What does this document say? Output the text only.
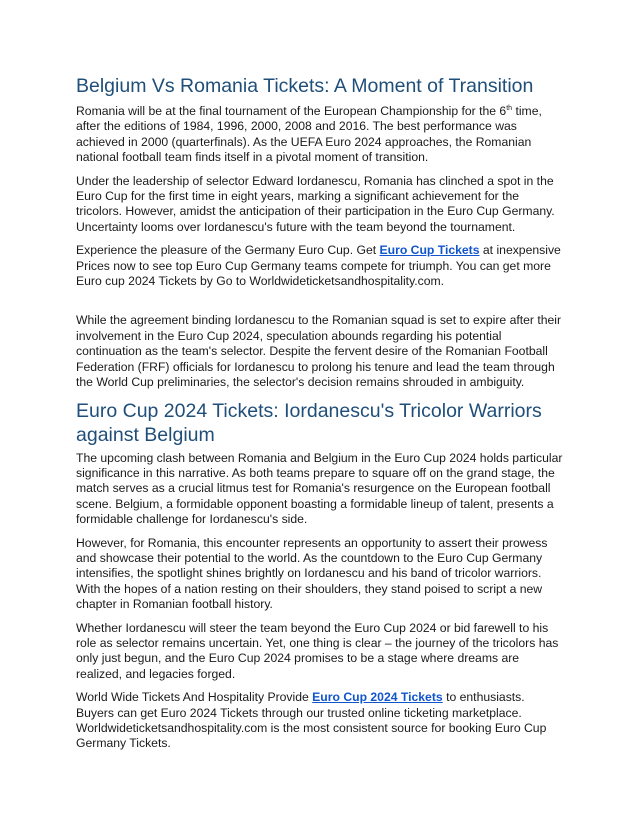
Belgium Vs Romania Tickets: A Moment of Transition

Romania will be at the final tournament of the European Championship for the 6th time, after the editions of 1984, 1996, 2000, 2008 and 2016. The best performance was achieved in 2000 (quarterfinals). As the UEFA Euro 2024 approaches, the Romanian national football team finds itself in a pivotal moment of transition.

Under the leadership of selector Edward Iordanescu, Romania has clinched a spot in the Euro Cup for the first time in eight years, marking a significant achievement for the tricolors. However, amidst the anticipation of their participation in the Euro Cup Germany. Uncertainty looms over Iordanescu's future with the team beyond the tournament.

Experience the pleasure of the Germany Euro Cup. Get Euro Cup Tickets at inexpensive Prices now to see top Euro Cup Germany teams compete for triumph. You can get more Euro cup 2024 Tickets by Go to Worldwideticketsandhospitality.com.

While the agreement binding Iordanescu to the Romanian squad is set to expire after their involvement in the Euro Cup 2024, speculation abounds regarding his potential continuation as the team's selector. Despite the fervent desire of the Romanian Football Federation (FRF) officials for Iordanescu to prolong his tenure and lead the team through the World Cup preliminaries, the selector's decision remains shrouded in ambiguity.

Euro Cup 2024 Tickets: Iordanescu's Tricolor Warriors against Belgium

The upcoming clash between Romania and Belgium in the Euro Cup 2024 holds particular significance in this narrative. As both teams prepare to square off on the grand stage, the match serves as a crucial litmus test for Romania's resurgence on the European football scene. Belgium, a formidable opponent boasting a formidable lineup of talent, presents a formidable challenge for Iordanescu's side.

However, for Romania, this encounter represents an opportunity to assert their prowess and showcase their potential to the world. As the countdown to the Euro Cup Germany intensifies, the spotlight shines brightly on Iordanescu and his band of tricolor warriors. With the hopes of a nation resting on their shoulders, they stand poised to script a new chapter in Romanian football history.

Whether Iordanescu will steer the team beyond the Euro Cup 2024 or bid farewell to his role as selector remains uncertain. Yet, one thing is clear – the journey of the tricolors has only just begun, and the Euro Cup 2024 promises to be a stage where dreams are realized, and legacies forged.

World Wide Tickets And Hospitality Provide Euro Cup 2024 Tickets to enthusiasts. Buyers can get Euro 2024 Tickets through our trusted online ticketing marketplace. Worldwideticketsandhospitality.com is the most consistent source for booking Euro Cup Germany Tickets.
